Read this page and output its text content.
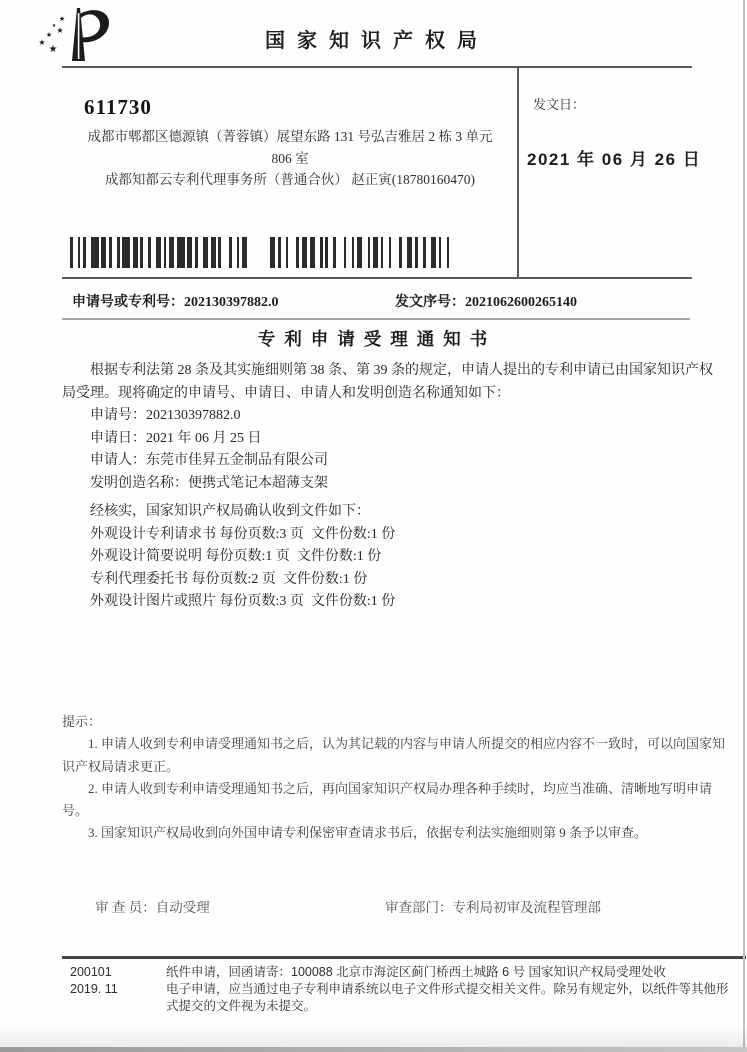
★
★ ★
★
★
★	国家知识产权局
611730
成都市郫都区德源镇（菁蓉镇）展望东路 131 号弘吉雅居 2 栋 3 单元
806 室
成都知都云专利代理事务所（普通合伙） 赵正寅(18780160470)
发文日：
2021 年 06 月 26 日
申请号或专利号：202130397882.0	发文序号：2021062600265140
专利申请受理通知书

根据专利法第 28 条及其实施细则第 38 条、第 39 条的规定，申请人提出的专利申请已由国家知识产权局受理。现将确定的申请号、申请日、申请人和发明创造名称通知如下：

申请号：202130397882.0
申请日：2021 年 06 月 25 日
申请人：东莞市佳昇五金制品有限公司
发明创造名称：便携式笔记本超薄支架
经核实，国家知识产权局确认收到文件如下：
外观设计专利请求书 每份页数:3 页 文件份数:1 份
外观设计简要说明 每份页数:1 页 文件份数:1 份
专利代理委托书 每份页数:2 页 文件份数:1 份
外观设计图片或照片 每份页数:3 页 文件份数:1 份

提示：

1. 申请人收到专利申请受理通知书之后，认为其记载的内容与申请人所提交的相应内容不一致时，可以向国家知识产权局请求更正。

2. 申请人收到专利申请受理通知书之后，再向国家知识产权局办理各种手续时，均应当准确、清晰地写明申请号。

3. 国家知识产权局收到向外国申请专利保密审查请求书后，依据专利法实施细则第 9 条予以审查。

审 查 员：自动受理	审查部门：专利局初审及流程管理部
200101	纸件申请，回函请寄：100088 北京市海淀区蓟门桥西土城路 6 号 国家知识产权局受理处收
2019. 11	电子申请，应当通过电子专利申请系统以电子文件形式提交相关文件。除另有规定外，以纸件等其他形式提交的文件视为未提交。
